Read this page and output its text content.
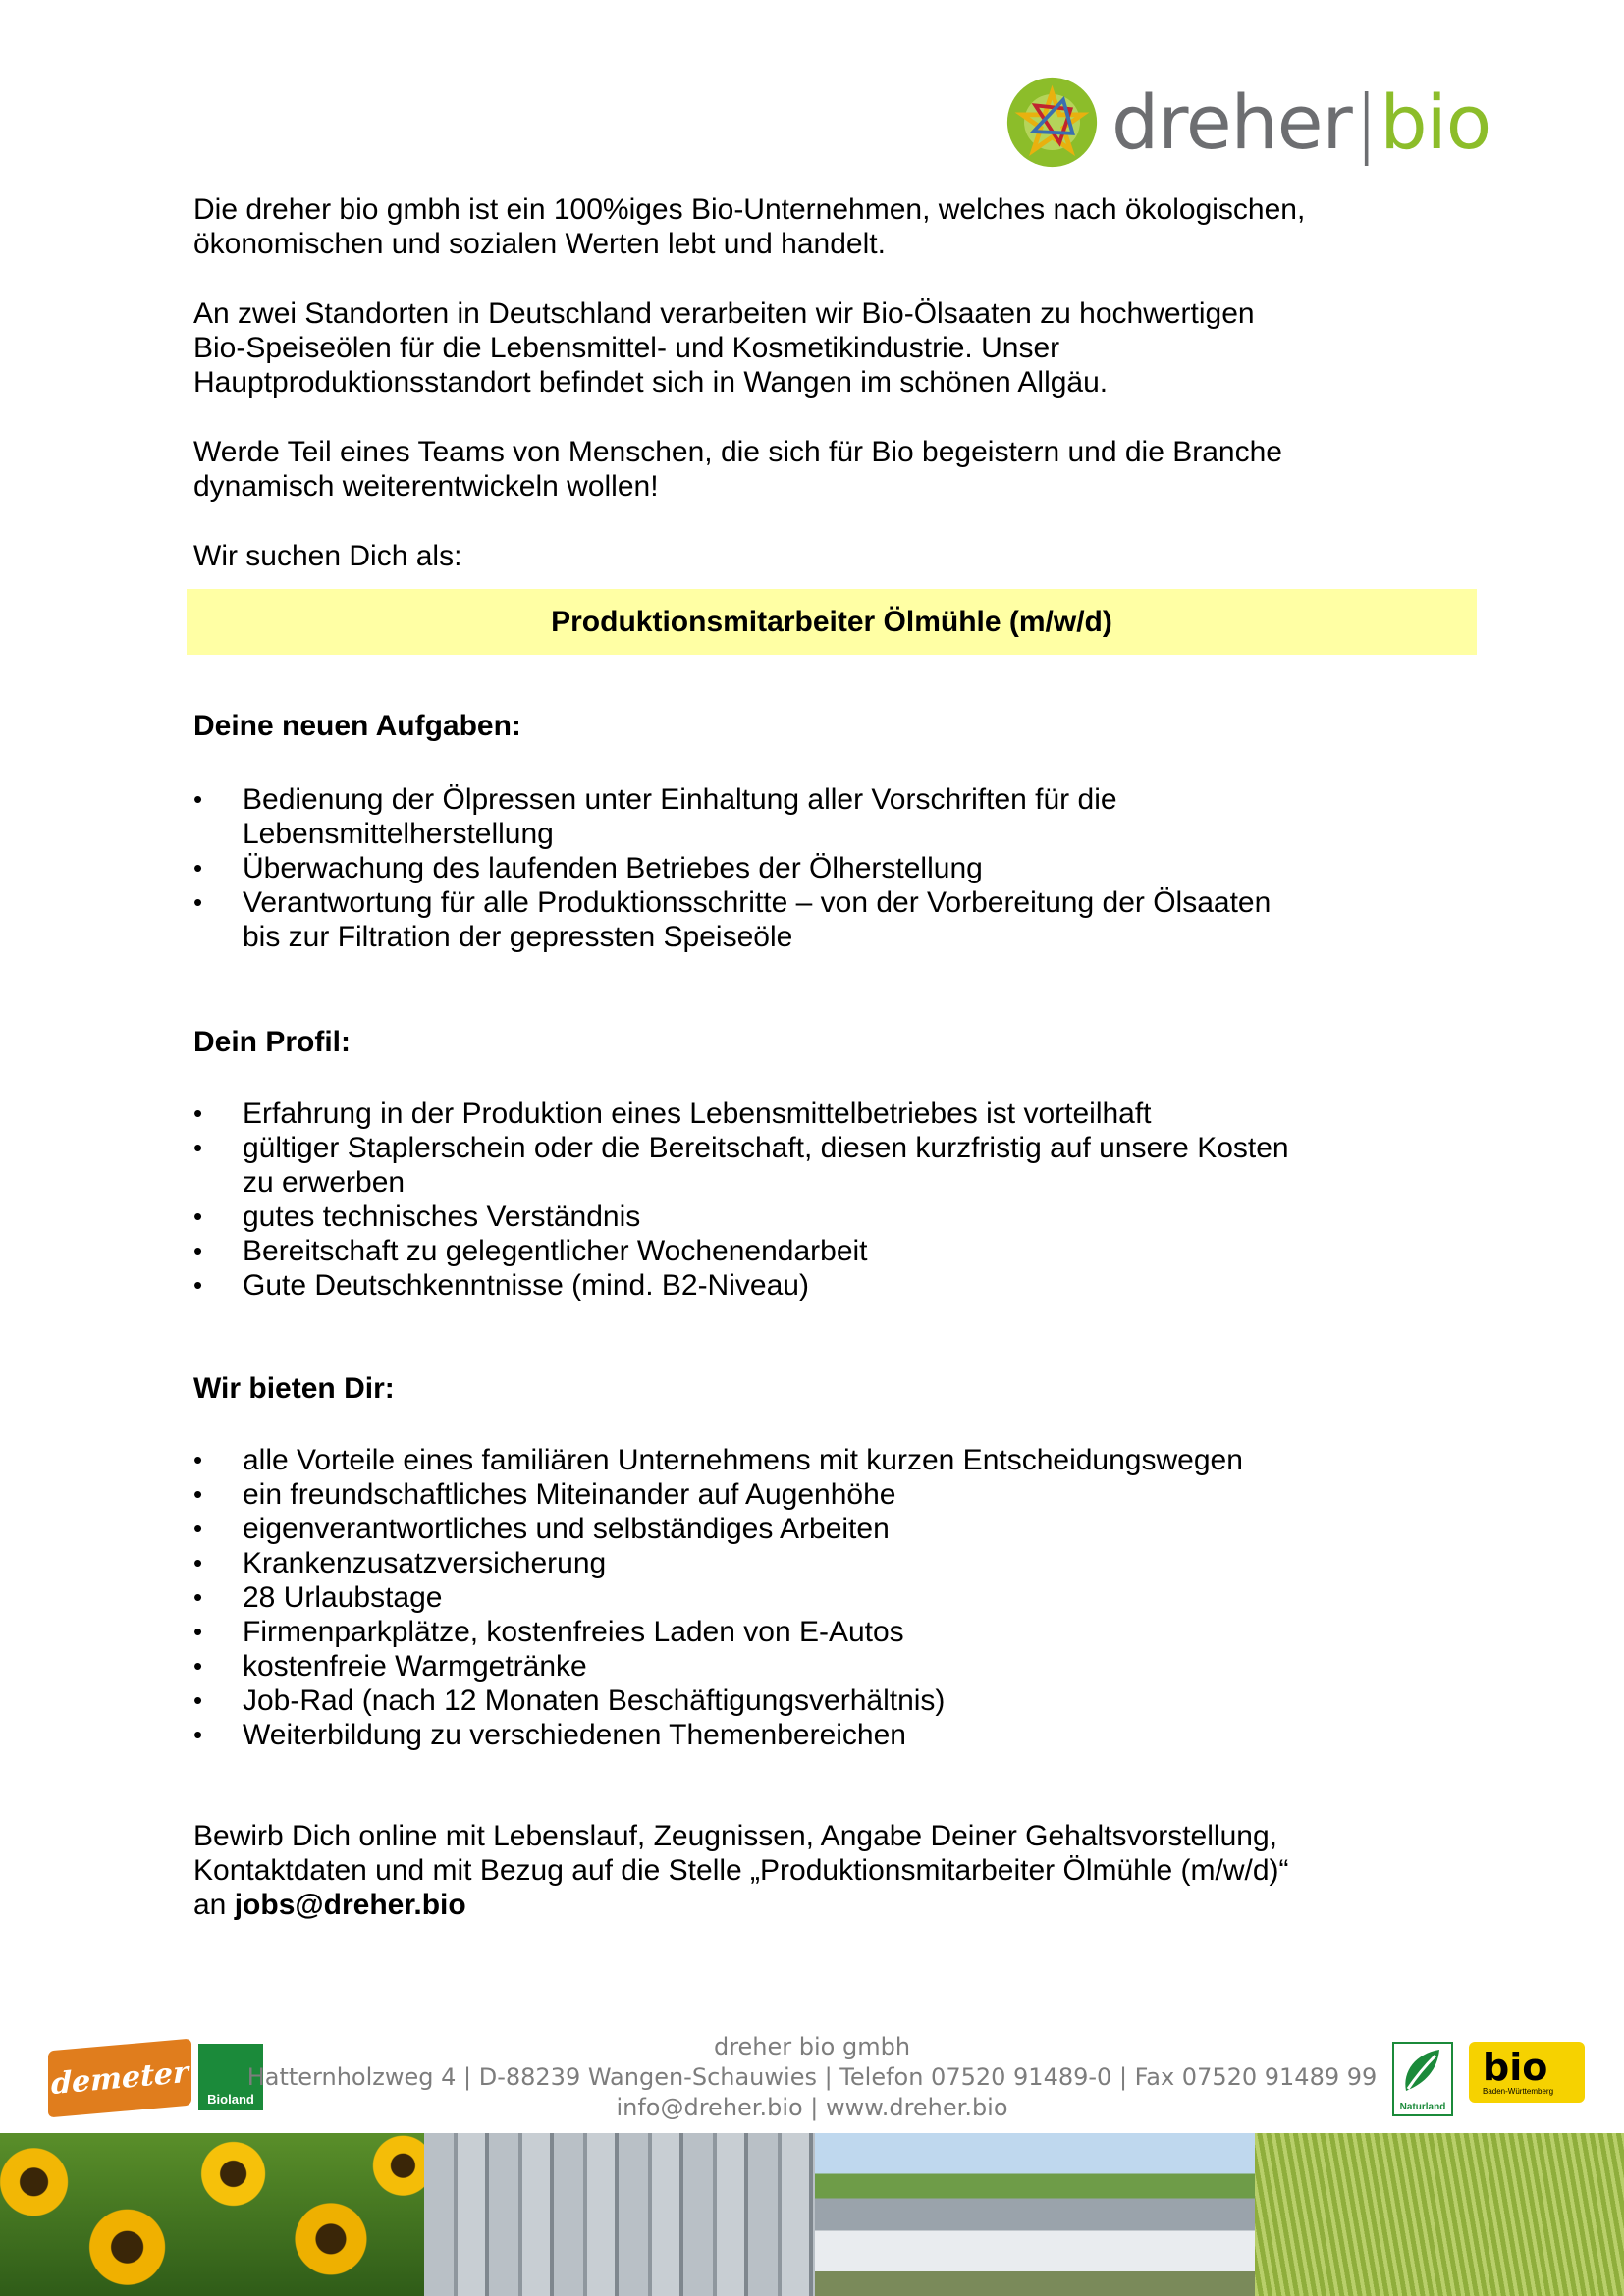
dreher|bio

Die dreher bio gmbh ist ein 100%iges Bio-Unternehmen, welches nach ökologischen,
ökonomischen und sozialen Werten lebt und handelt.

An zwei Standorten in Deutschland verarbeiten wir Bio-Ölsaaten zu hochwertigen
Bio-Speiseölen für die Lebensmittel- und Kosmetikindustrie. Unser
Hauptproduktionsstandort befindet sich in Wangen im schönen Allgäu.

Werde Teil eines Teams von Menschen, die sich für Bio begeistern und die Branche
dynamisch weiterentwickeln wollen!

Wir suchen Dich als:

Produktionsmitarbeiter Ölmühle (m/w/d)
Deine neuen Aufgaben:
• Bedienung der Ölpressen unter Einhaltung aller Vorschriften für die
Lebensmittelherstellung
• Überwachung des laufenden Betriebes der Ölherstellung
• Verantwortung für alle Produktionsschritte – von der Vorbereitung der Ölsaaten
bis zur Filtration der gepressten Speiseöle
Dein Profil:
• Erfahrung in der Produktion eines Lebensmittelbetriebes ist vorteilhaft
• gültiger Staplerschein oder die Bereitschaft, diesen kurzfristig auf unsere Kosten
zu erwerben
• gutes technisches Verständnis
• Bereitschaft zu gelegentlicher Wochenendarbeit
• Gute Deutschkenntnisse (mind. B2-Niveau)
Wir bieten Dir:
• alle Vorteile eines familiären Unternehmens mit kurzen Entscheidungswegen
• ein freundschaftliches Miteinander auf Augenhöhe
• eigenverantwortliches und selbständiges Arbeiten
• Krankenzusatzversicherung
• 28 Urlaubstage
• Firmenparkplätze, kostenfreies Laden von E-Autos
• kostenfreie Warmgetränke
• Job-Rad (nach 12 Monaten Beschäftigungsverhältnis)
• Weiterbildung zu verschiedenen Themenbereichen
Bewirb Dich online mit Lebenslauf, Zeugnissen, Angabe Deiner Gehaltsvorstellung,
Kontaktdaten und mit Bezug auf die Stelle „Produktionsmitarbeiter Ölmühle (m/w/d)“
an jobs@dreher.bio
demeter Bioland
dreher bio gmbh
Hatternholzweg 4 | D-88239 Wangen-Schauwies | Telefon 07520 91489-0 | Fax 07520 91489 99
info@dreher.bio | www.dreher.bio	Naturland
bio
Baden-Württemberg
